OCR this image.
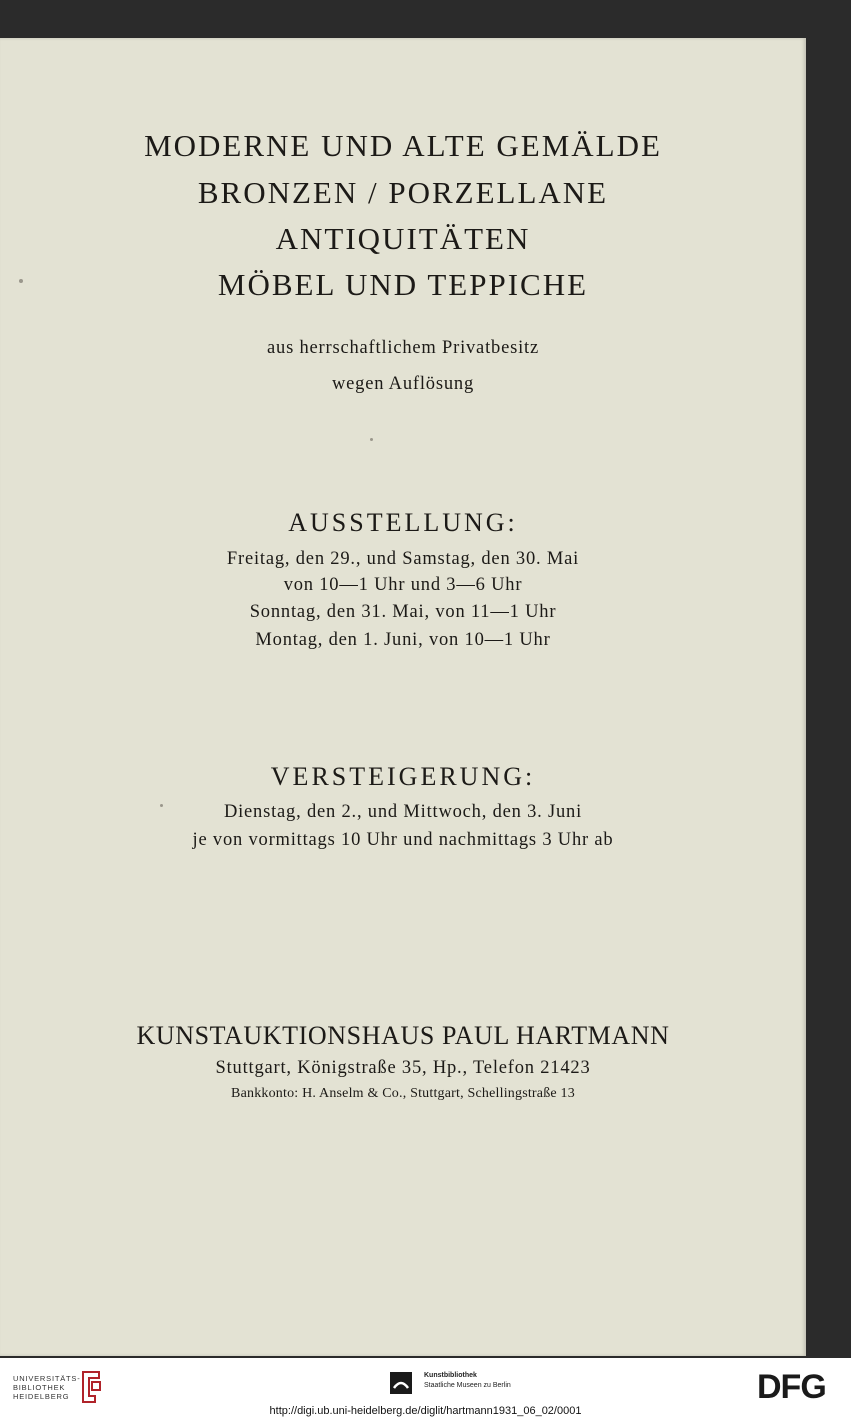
MODERNE UND ALTE GEMÄLDE
BRONZEN / PORZELLANE
ANTIQUITÄTEN
MÖBEL UND TEPPICHE
aus herrschaftlichem Privatbesitz
wegen Auflösung
AUSSTELLUNG:
Freitag, den 29., und Samstag, den 30. Mai
von 10—1 Uhr und 3—6 Uhr
Sonntag, den 31. Mai, von 11—1 Uhr
Montag, den 1. Juni, von 10—1 Uhr
VERSTEIGERUNG:
Dienstag, den 2., und Mittwoch, den 3. Juni
je von vormittags 10 Uhr und nachmittags 3 Uhr ab
KUNSTAUKTIONSHAUS PAUL HARTMANN
Stuttgart, Königstraße 35, Hp., Telefon 21423
Bankkonto: H. Anselm & Co., Stuttgart, Schellingstraße 13
UNIVERSITÄTS-
BIBLIOTHEK
HEIDELBERG
Kunstbibliothek
Staatliche Museen zu Berlin	DFG
http://digi.ub.uni-heidelberg.de/diglit/hartmann1931_06_02/0001
